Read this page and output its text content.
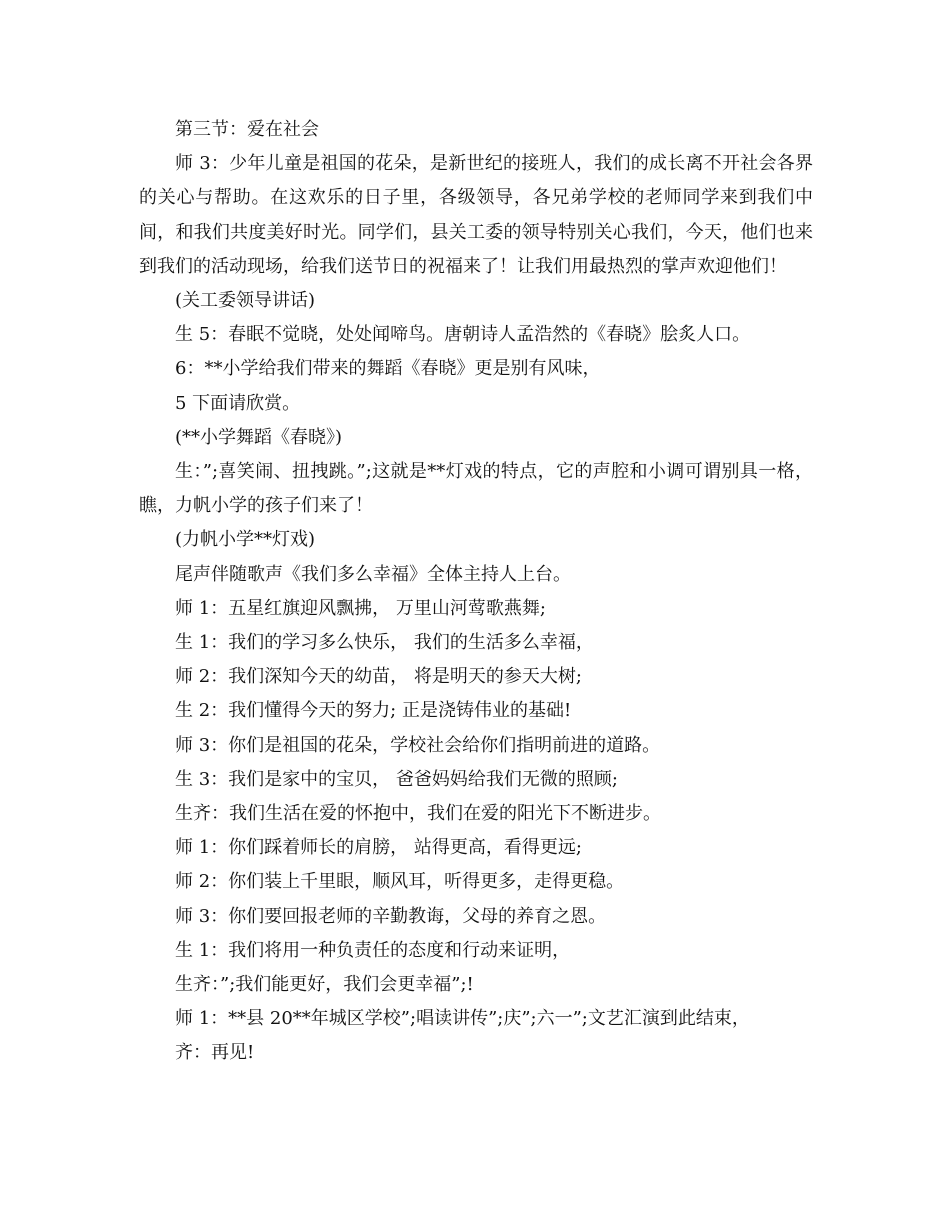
第三节：爱在社会

师 3：少年儿童是祖国的花朵，是新世纪的接班人，我们的成长离不开社会各界的关心与帮助。在这欢乐的日子里，各级领导，各兄弟学校的老师同学来到我们中间，和我们共度美好时光。同学们，县关工委的领导特别关心我们，今天，他们也来到我们的活动现场，给我们送节日的祝福来了！让我们用最热烈的掌声欢迎他们！

(关工委领导讲话)

生 5：春眠不觉晓，处处闻啼鸟。唐朝诗人孟浩然的《春晓》脍炙人口。

6：**小学给我们带来的舞蹈《春晓》更是别有风味，

5 下面请欣赏。

(**小学舞蹈《春晓》)

生：”;喜笑闹、扭拽跳。”;这就是**灯戏的特点，它的声腔和小调可谓别具一格，瞧，力帆小学的孩子们来了！

(力帆小学**灯戏)

尾声伴随歌声《我们多么幸福》全体主持人上台。

师 1：五星红旗迎风飘拂， 万里山河莺歌燕舞;

生 1：我们的学习多么快乐， 我们的生活多么幸福，

师 2：我们深知今天的幼苗， 将是明天的参天大树;

生 2：我们懂得今天的努力; 正是浇铸伟业的基础!

师 3：你们是祖国的花朵，学校社会给你们指明前进的道路。

生 3：我们是家中的宝贝， 爸爸妈妈给我们无微的照顾;

生齐：我们生活在爱的怀抱中，我们在爱的阳光下不断进步。

师 1：你们踩着师长的肩膀， 站得更高，看得更远;

师 2：你们装上千里眼，顺风耳，听得更多，走得更稳。

师 3：你们要回报老师的辛勤教诲，父母的养育之恩。

生 1：我们将用一种负责任的态度和行动来证明，

生齐：”;我们能更好，我们会更幸福”;!

师 1：**县 20**年城区学校”;唱读讲传”;庆”;六一”;文艺汇演到此结束，

齐：再见!
